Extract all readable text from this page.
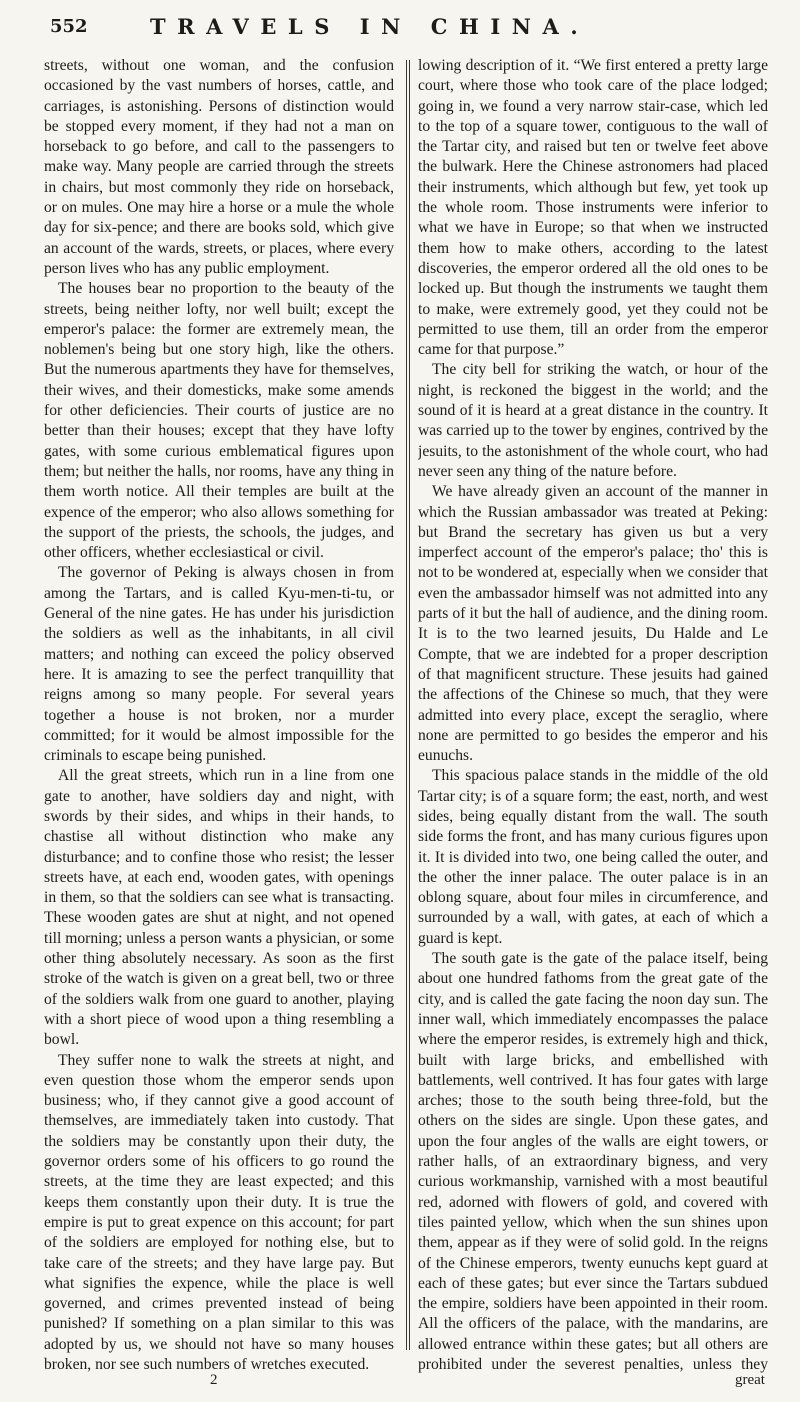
552	TRAVELS IN CHINA.

streets, without one woman, and the confusion occasioned by the vast numbers of horses, cattle, and carriages, is astonishing. Persons of distinction would be stopped every moment, if they had not a man on horseback to go before, and call to the passengers to make way. Many people are carried through the streets in chairs, but most commonly they ride on horseback, or on mules. One may hire a horse or a mule the whole day for six-pence; and there are books sold, which give an account of the wards, streets, or places, where every person lives who has any public employment.

The houses bear no proportion to the beauty of the streets, being neither lofty, nor well built; except the emperor's palace: the former are extremely mean, the noblemen's being but one story high, like the others. But the numerous apartments they have for themselves, their wives, and their domesticks, make some amends for other deficiencies. Their courts of justice are no better than their houses; except that they have lofty gates, with some curious emblematical figures upon them; but neither the halls, nor rooms, have any thing in them worth notice. All their temples are built at the expence of the emperor; who also allows something for the support of the priests, the schools, the judges, and other officers, whether ecclesiastical or civil.

The governor of Peking is always chosen in from among the Tartars, and is called Kyu-men-ti-tu, or General of the nine gates. He has under his jurisdiction the soldiers as well as the inhabitants, in all civil matters; and nothing can exceed the policy observed here. It is amazing to see the perfect tranquillity that reigns among so many people. For several years together a house is not broken, nor a murder committed; for it would be almost impossible for the criminals to escape being punished.

All the great streets, which run in a line from one gate to another, have soldiers day and night, with swords by their sides, and whips in their hands, to chastise all without distinction who make any disturbance; and to confine those who resist; the lesser streets have, at each end, wooden gates, with openings in them, so that the soldiers can see what is transacting. These wooden gates are shut at night, and not opened till morning; unless a person wants a physician, or some other thing absolutely necessary. As soon as the first stroke of the watch is given on a great bell, two or three of the soldiers walk from one guard to another, playing with a short piece of wood upon a thing resembling a bowl.

They suffer none to walk the streets at night, and even question those whom the emperor sends upon business; who, if they cannot give a good account of themselves, are immediately taken into custody. That the soldiers may be constantly upon their duty, the governor orders some of his officers to go round the streets, at the time they are least expected; and this keeps them constantly upon their duty. It is true the empire is put to great expence on this account; for part of the soldiers are employed for nothing else, but to take care of the streets; and they have large pay. But what signifies the expence, while the place is well governed, and crimes prevented instead of being punished? If something on a plan similar to this was adopted by us, we should not have so many houses broken, nor see such numbers of wretches executed.

lowing description of it. “We first entered a pretty large court, where those who took care of the place lodged; going in, we found a very narrow stair-case, which led to the top of a square tower, contiguous to the wall of the Tartar city, and raised but ten or twelve feet above the bulwark. Here the Chinese astronomers had placed their instruments, which although but few, yet took up the whole room. Those instruments were inferior to what we have in Europe; so that when we instructed them how to make others, according to the latest discoveries, the emperor ordered all the old ones to be locked up. But though the instruments we taught them to make, were extremely good, yet they could not be permitted to use them, till an order from the emperor came for that purpose.”

The city bell for striking the watch, or hour of the night, is reckoned the biggest in the world; and the sound of it is heard at a great distance in the country. It was carried up to the tower by engines, contrived by the jesuits, to the astonishment of the whole court, who had never seen any thing of the nature before.

We have already given an account of the manner in which the Russian ambassador was treated at Peking: but Brand the secretary has given us but a very imperfect account of the emperor's palace; tho' this is not to be wondered at, especially when we consider that even the ambassador himself was not admitted into any parts of it but the hall of audience, and the dining room. It is to the two learned jesuits, Du Halde and Le Compte, that we are indebted for a proper description of that magnificent structure. These jesuits had gained the affections of the Chinese so much, that they were admitted into every place, except the seraglio, where none are permitted to go besides the emperor and his eunuchs.

This spacious palace stands in the middle of the old Tartar city; is of a square form; the east, north, and west sides, being equally distant from the wall. The south side forms the front, and has many curious figures upon it. It is divided into two, one being called the outer, and the other the inner palace. The outer palace is in an oblong square, about four miles in circumference, and surrounded by a wall, with gates, at each of which a guard is kept.

The south gate is the gate of the palace itself, being about one hundred fathoms from the great gate of the city, and is called the gate facing the noon day sun. The inner wall, which immediately encompasses the palace where the emperor resides, is extremely high and thick, built with large bricks, and embellished with battlements, well contrived. It has four gates with large arches; those to the south being three-fold, but the others on the sides are single. Upon these gates, and upon the four angles of the walls are eight towers, or rather halls, of an extraordinary bigness, and very curious workmanship, varnished with a most beautiful red, adorned with flowers of gold, and covered with tiles painted yellow, which when the sun shines upon them, appear as if they were of solid gold. In the reigns of the Chinese emperors, twenty eunuchs kept guard at each of these gates; but ever since the Tartars subdued the empire, soldiers have been appointed in their room. All the officers of the palace, with the mandarins, are allowed entrance within these gates; but all others are prohibited under the severest penalties, unless they

2	great
